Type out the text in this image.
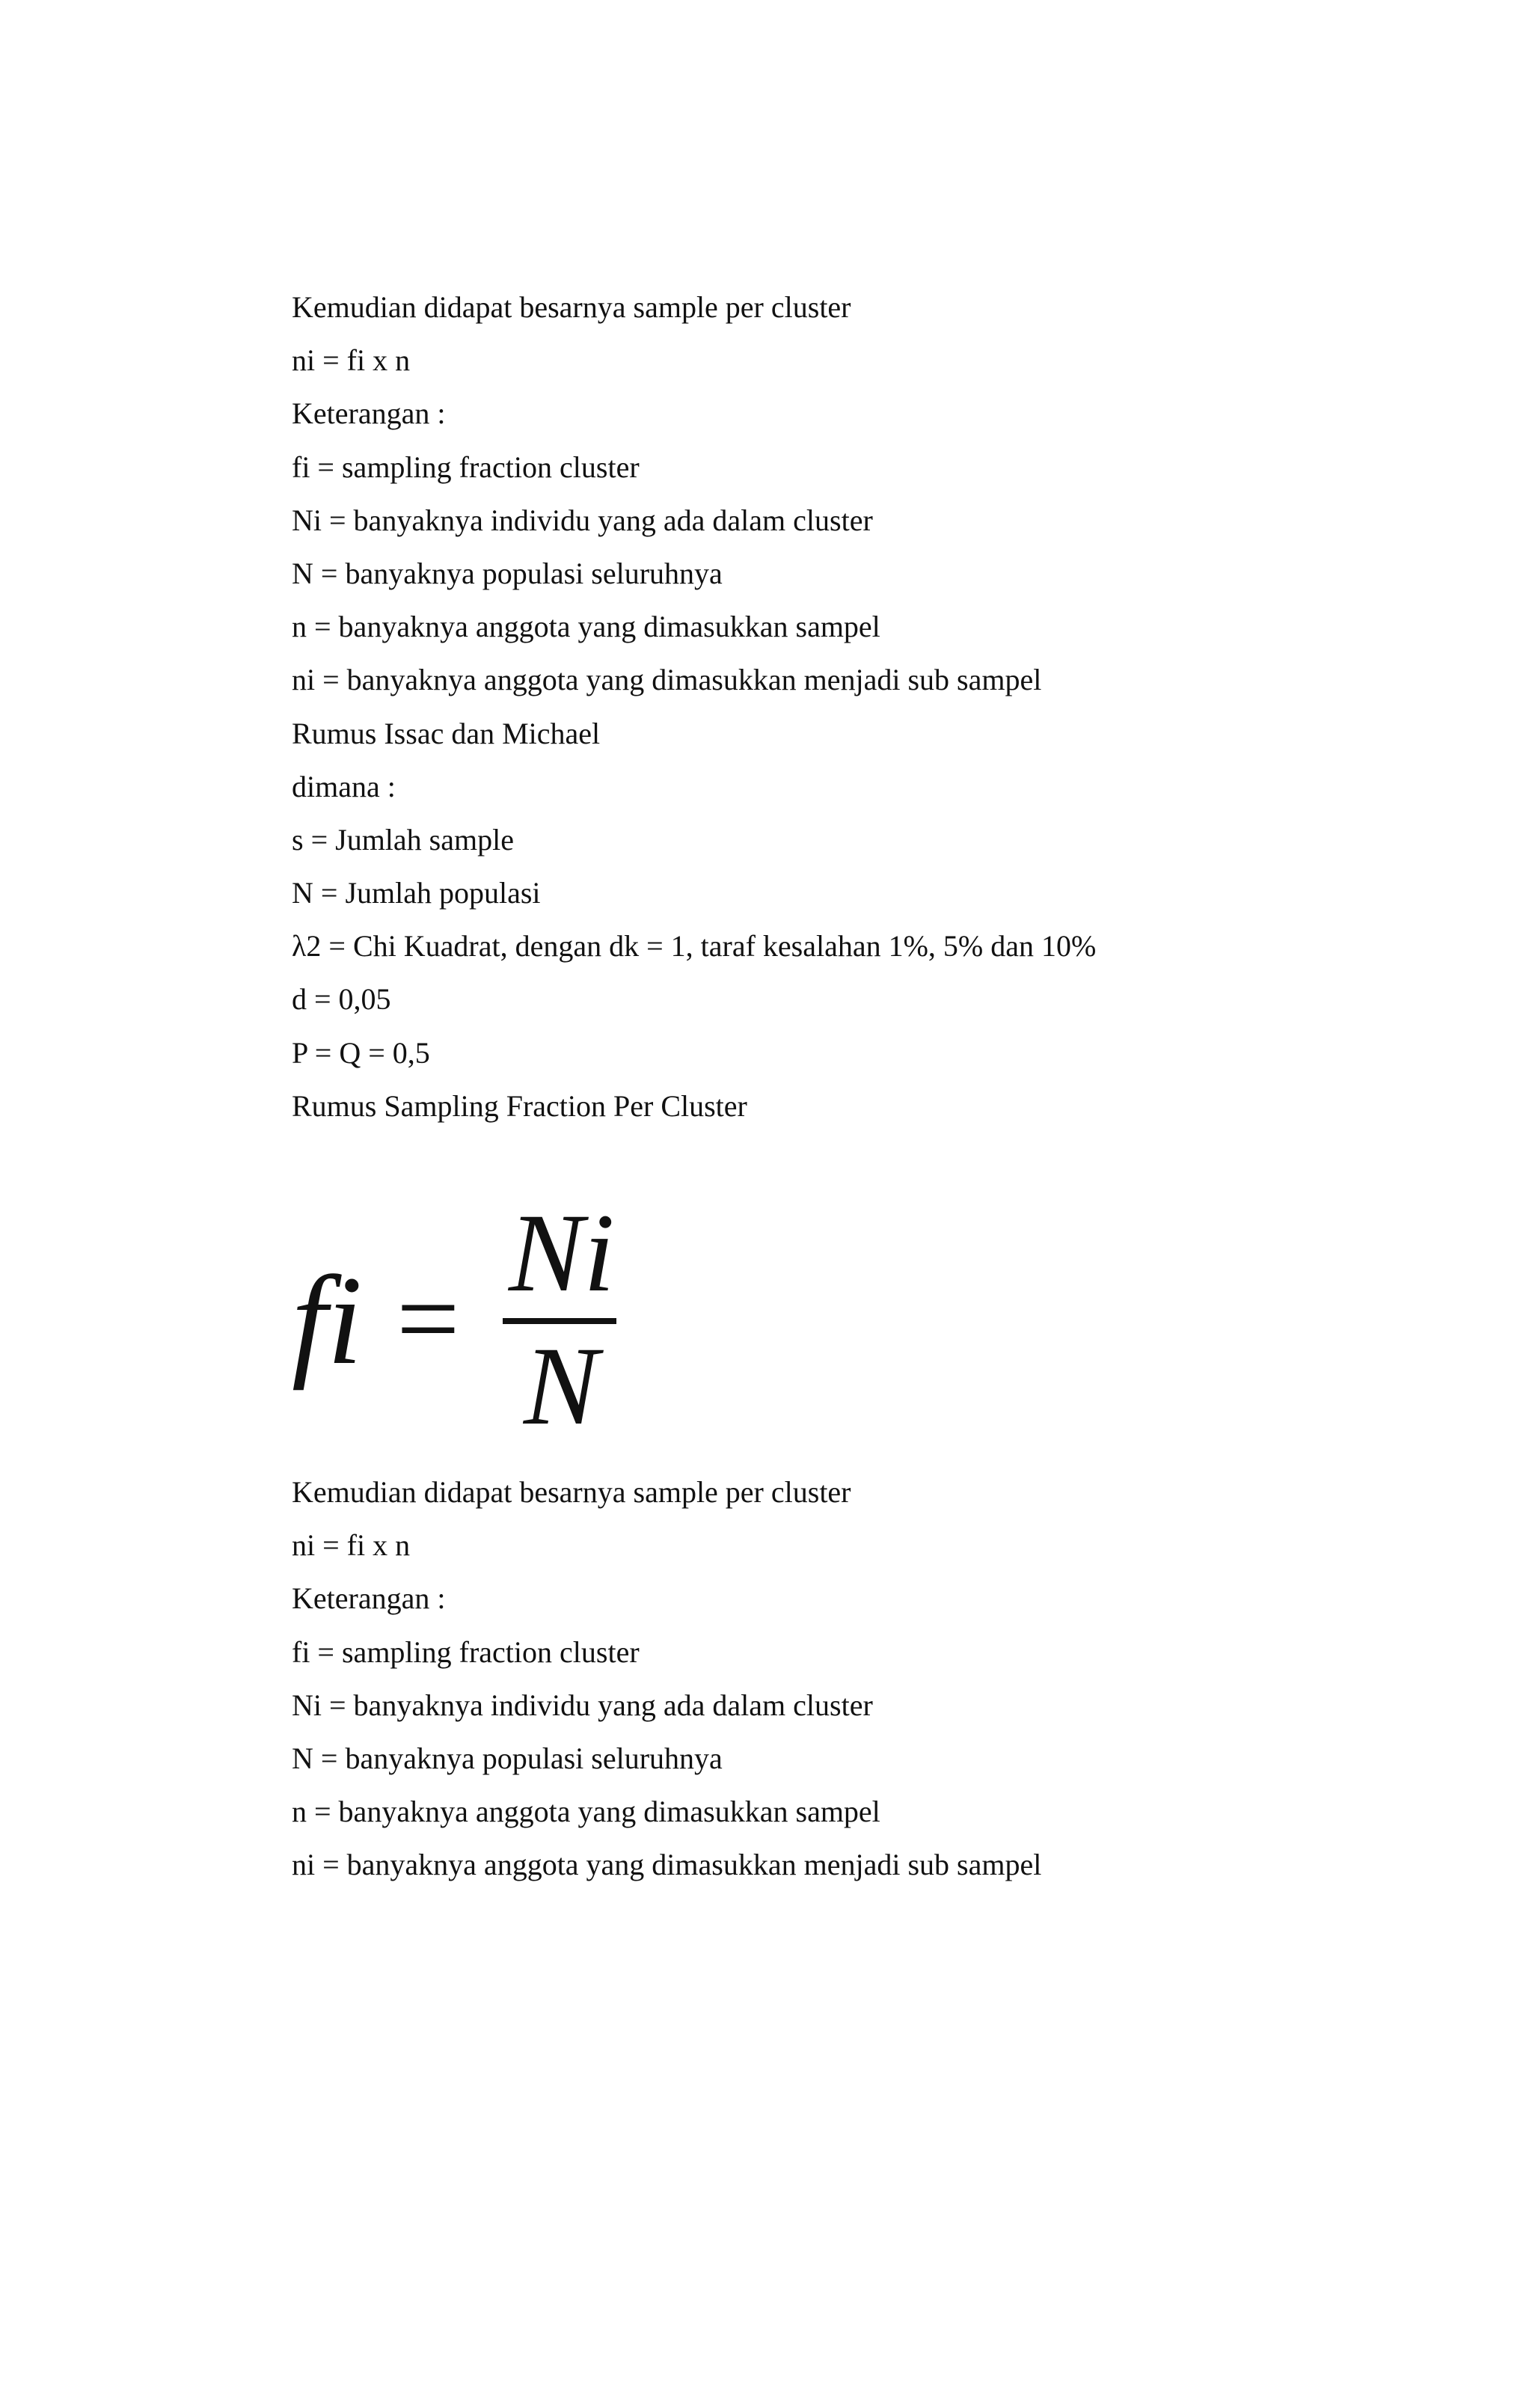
Kemudian didapat besarnya sample per cluster
ni = fi x n
Keterangan :
fi = sampling fraction cluster
Ni = banyaknya individu yang ada dalam cluster
N = banyaknya populasi seluruhnya
n = banyaknya anggota yang dimasukkan sampel
ni = banyaknya anggota yang dimasukkan menjadi sub sampel
Rumus Issac dan Michael
dimana :
s = Jumlah sample
N = Jumlah populasi
λ2 = Chi Kuadrat, dengan dk = 1, taraf kesalahan 1%, 5% dan 10%
d = 0,05
P = Q = 0,5
Rumus Sampling Fraction Per Cluster
fi =
Ni
N
Kemudian didapat besarnya sample per cluster
ni = fi x n
Keterangan :
fi = sampling fraction cluster
Ni = banyaknya individu yang ada dalam cluster
N = banyaknya populasi seluruhnya
n = banyaknya anggota yang dimasukkan sampel
ni = banyaknya anggota yang dimasukkan menjadi sub sampel
